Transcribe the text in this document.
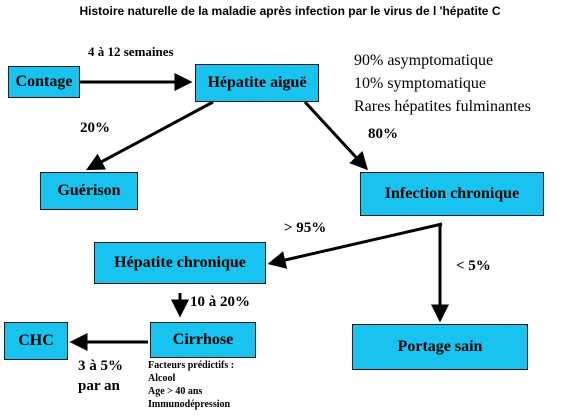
Histoire naturelle de la maladie après infection par le virus de l 'hépatite C
Contage	Hépatite aiguë
Guérison	Infection chronique
Hépatite chronique
CHC	Cirrhose	Portage sain
4 à 12 semaines
90% asymptomatique
10% symptomatique
Rares hépatites fulminantes
20%	80%
> 95%
< 5%
10 à 20%
3 à 5%
par an
Facteurs prédictifs :
Alcool
Age > 40 ans
Immunodépression
